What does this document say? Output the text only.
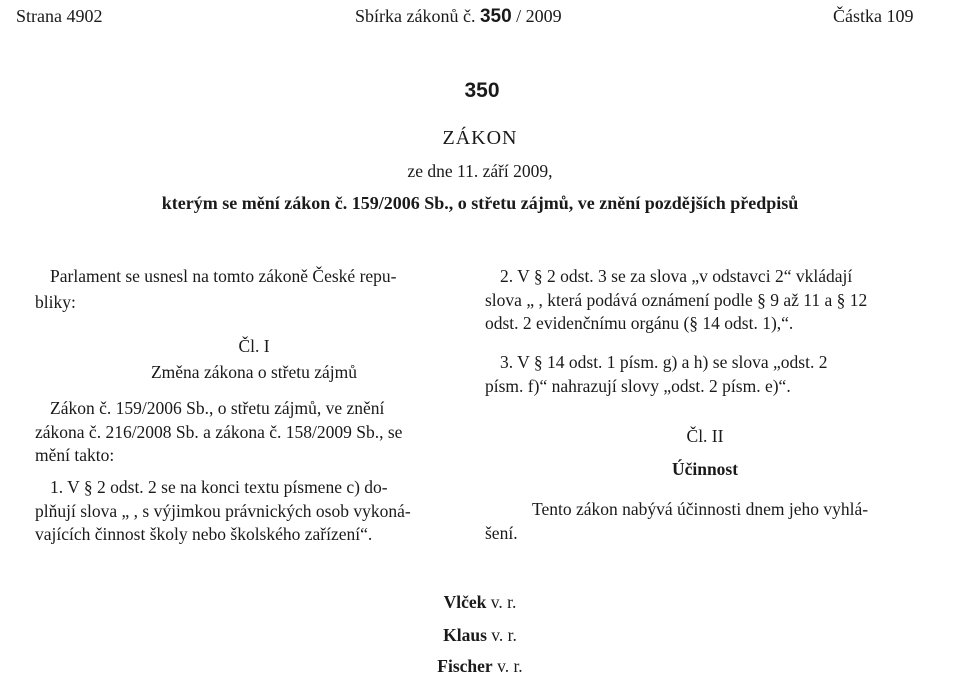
Strana 4902	Sbírka zákonů č. 350 / 2009	Částka 109
350
ZÁKON
ze dne 11. září 2009,
kterým se mění zákon č. 159/2006 Sb., o střetu zájmů, ve znění pozdějších předpisů
Parlament se usnesl na tomto zákoně České repu-
bliky:
Čl. I
Změna zákona o střetu zájmů
Zákon č. 159/2006 Sb., o střetu zájmů, ve znění
zákona č. 216/2008 Sb. a zákona č. 158/2009 Sb., se
mění takto:
1. V § 2 odst. 2 se na konci textu písmene c) do-
plňují slova „ , s výjimkou právnických osob vykoná-
vajících činnost školy nebo školského zařízení“.
2. V § 2 odst. 3 se za slova „v odstavci 2“ vkládají
slova „ , která podává oznámení podle § 9 až 11 a § 12
odst. 2 evidenčnímu orgánu (§ 14 odst. 1),“.
3. V § 14 odst. 1 písm. g) a h) se slova „odst. 2
písm. f)“ nahrazují slovy „odst. 2 písm. e)“.
Čl. II
Účinnost
Tento zákon nabývá účinnosti dnem jeho vyhlá-
šení.
Vlček v. r.
Klaus v. r.
Fischer v. r.
